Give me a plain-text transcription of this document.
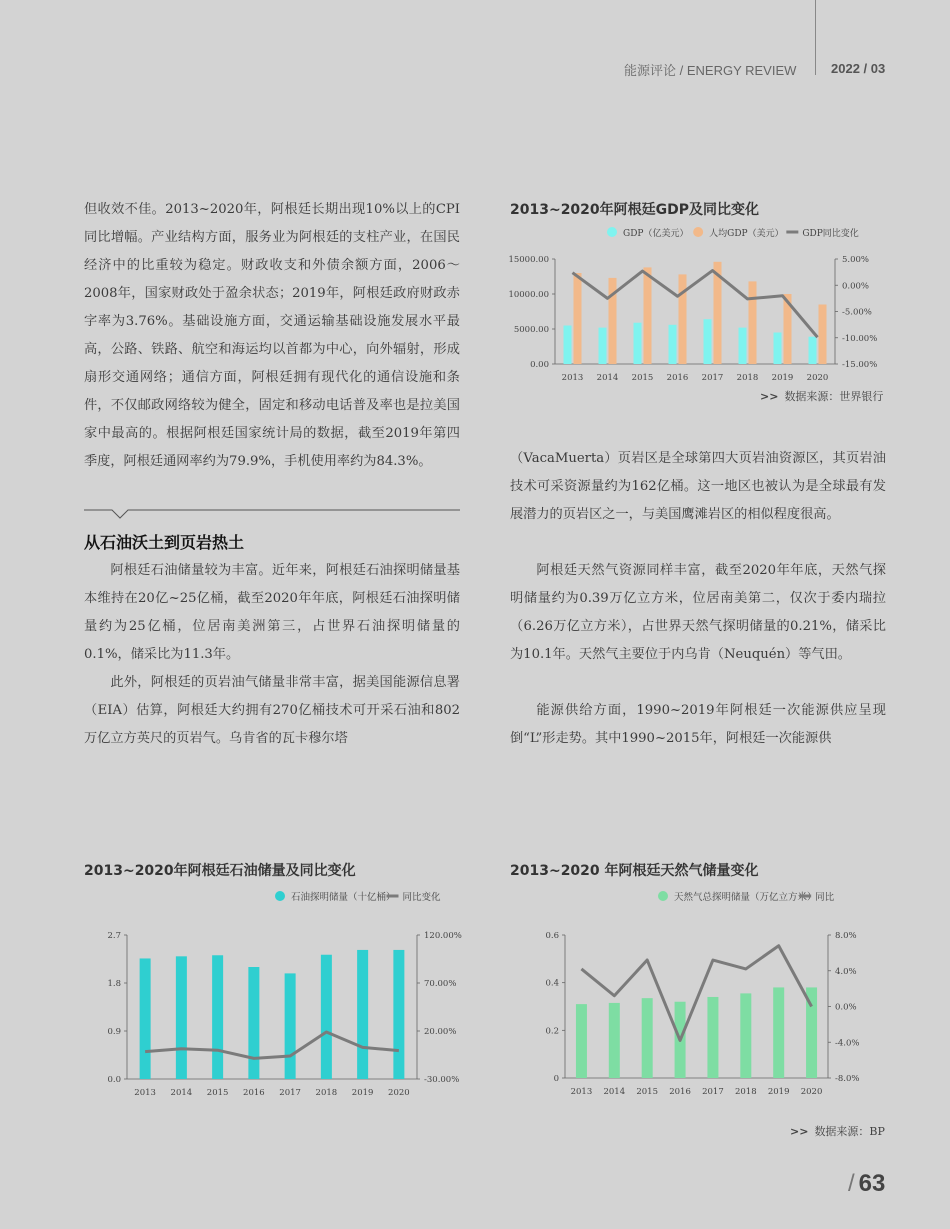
能源评论 / ENERGY REVIEW	2022 / 03

但收效不佳。2013~2020年，阿根廷长期出现10%以上的CPI同比增幅。产业结构方面，服务业为阿根廷的支柱产业，在国民经济中的比重较为稳定。财政收支和外债余额方面，2006～2008年，国家财政处于盈余状态；2019年，阿根廷政府财政赤字率为3.76%。基础设施方面，交通运输基础设施发展水平最高，公路、铁路、航空和海运均以首都为中心，向外辐射，形成扇形交通网络；通信方面，阿根廷拥有现代化的通信设施和条件，不仅邮政网络较为健全，固定和移动电话普及率也是拉美国家中最高的。根据阿根廷国家统计局的数据，截至2019年第四季度，阿根廷通网率约为79.9%，手机使用率约为84.3%。

从石油沃土到页岩热土

阿根廷石油储量较为丰富。近年来，阿根廷石油探明储量基本维持在20亿~25亿桶，截至2020年年底，阿根廷石油探明储量约为25亿桶，位居南美洲第三，占世界石油探明储量的0.1%，储采比为11.3年。

此外，阿根廷的页岩油气储量非常丰富，据美国能源信息署（EIA）估算，阿根廷大约拥有270亿桶技术可开采石油和802万亿立方英尺的页岩气。乌肯省的瓦卡穆尔塔

（VacaMuerta）页岩区是全球第四大页岩油资源区，其页岩油技术可采资源量约为162亿桶。这一地区也被认为是全球最有发展潜力的页岩区之一，与美国鹰滩岩区的相似程度很高。

阿根廷天然气资源同样丰富，截至2020年年底，天然气探明储量约为0.39万亿立方米，位居南美第二，仅次于委内瑞拉（6.26万亿立方米），占世界天然气探明储量的0.21%，储采比为10.1年。天然气主要位于内乌肯（Neuquén）等气田。

能源供给方面，1990~2019年阿根廷一次能源供应呈现倒“L”形走势。其中1990~2015年，阿根廷一次能源供

2013~2020年阿根廷GDP及同比变化
2013~2020年阿根廷石油储量及同比变化	2013~2020 年阿根廷天然气储量变化
0.00
5000.00
10000.00
15000.00	5.00%
0.00%
-5.00%
-10.00%
-15.00%
2013 2014 2015 2016 2017 2018 2019 2020
GDP（亿美元） 人均GDP（美元） GDP同比变化
0.0
0.9
1.8
2.7	120.00%
70.00%
20.00%
-30.00%
2013 2014 2015 2016 2017 2018 2019 2020
石油探明储量（十亿桶） 同比变化
0
0.2
0.4
0.6	8.0%
4.0%
0.0%
-4.0%
-8.0%
2013 2014 2015 2016 2017 2018 2019 2020
天然气总探明储量（万亿立方米）
同比
>> 数据来源：世界银行
>> 数据来源：BP
/ 63
